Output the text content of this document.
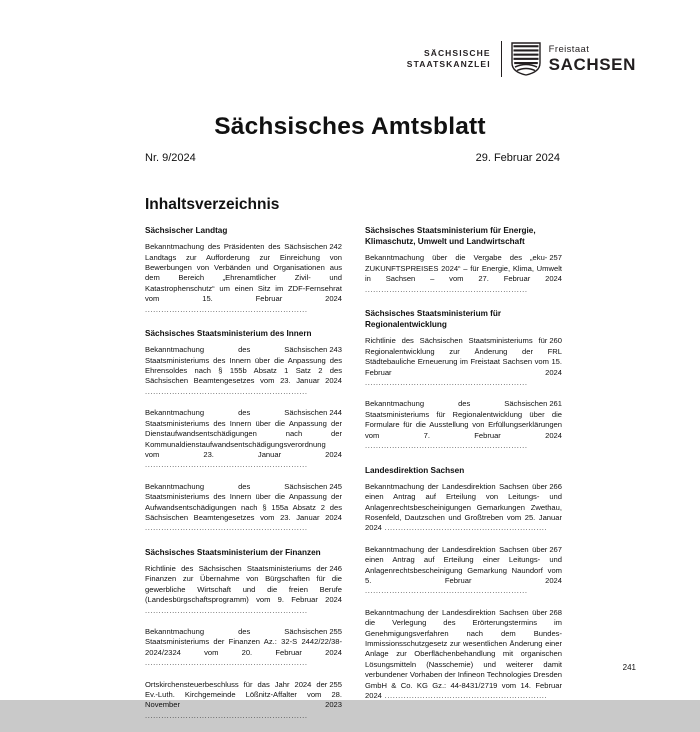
SÄCHSISCHE
STAATSKANZLEI
Freistaat
SACHSEN
Sächsisches Amtsblatt
Nr. 9/2024	29. Februar 2024
Inhaltsverzeichnis
Sächsischer Landtag
242
Bekanntmachung des Präsidenten des Sächsischen Landtags zur Aufforderung zur Einreichung von Bewerbungen von Verbänden und Organisationen aus dem Bereich „Ehrenamtlicher Zivil- und Katastrophenschutz“ um einen Sitz im ZDF-Fernsehrat vom 15. Februar 2024 ............................................................
Sächsisches Staatsministerium des Innern
243
Bekanntmachung des Sächsischen Staatsministeriums des Innern über die Anpassung des Ehrensoldes nach § 155b Absatz 1 Satz 2 des Sächsischen Beamtengesetzes vom 23. Januar 2024 ............................................................
244
Bekanntmachung des Sächsischen Staatsministeriums des Innern über die Anpassung der Dienstaufwandsentschädigungen nach der Kommunaldienstaufwandsentschädigungsverordnung vom 23. Januar 2024 ............................................................
245
Bekanntmachung des Sächsischen Staatsministeriums des Innern über die Anpassung der Aufwandsentschädigungen nach § 155a Absatz 2 des Sächsischen Beamtengesetzes vom 23. Januar 2024 ............................................................
Sächsisches Staatsministerium der Finanzen
246
Richtlinie des Sächsischen Staatsministeriums der Finanzen zur Übernahme von Bürgschaften für die gewerbliche Wirtschaft und die freien Berufe (Landesbürgschaftsprogramm) vom 9. Februar 2024 ............................................................
255
Bekanntmachung des Sächsischen Staatsministeriums der Finanzen Az.: 32-S 2442/22/38-2024/2324 vom 20. Februar 2024 ............................................................
255
Ortskirchensteuerbeschluss für das Jahr 2024 der Ev.-Luth. Kirchgemeinde Lößnitz-Affalter vom 28. November 2023 ............................................................
Sächsisches Staatsministerium für Energie, Klimaschutz, Umwelt und Landwirtschaft
257
Bekanntmachung über die Vergabe des „eku-ZUKUNFTSPREISES 2024“ – für Energie, Klima, Umwelt in Sachsen – vom 27. Februar 2024 ............................................................
Sächsisches Staatsministerium für Regionalentwicklung
260
Richtlinie des Sächsischen Staatsministeriums für Regionalentwicklung zur Änderung der FRL Städtebauliche Erneuerung im Freistaat Sachsen vom 15. Februar 2024 ............................................................
261
Bekanntmachung des Sächsischen Staatsministeriums für Regionalentwicklung über die Formulare für die Ausstellung von Erfüllungserklärungen vom 7. Februar 2024 ............................................................
Landesdirektion Sachsen
266
Bekanntmachung der Landesdirektion Sachsen über einen Antrag auf Erteilung von Leitungs- und Anlagenrechtsbescheinigungen Gemarkungen Zwethau, Rosenfeld, Dautzschen und Großtreben vom 25. Januar 2024 ............................................................
267
Bekanntmachung der Landesdirektion Sachsen über einen Antrag auf Erteilung einer Leitungs- und Anlagenrechtsbescheinigung Gemarkung Naundorf vom 5. Februar 2024 ............................................................
268
Bekanntmachung der Landesdirektion Sachsen über die Verlegung des Erörterungstermins im Genehmigungsverfahren nach dem Bundes-Immissionsschutzgesetz zur wesentlichen Änderung einer Anlage zur Oberflächenbehandlung mit organischen Lösungsmitteln (Nasschemie) und weiterer damit verbundener Vorhaben der Infineon Technologies Dresden GmbH & Co. KG Gz.: 44-8431/2719 vom 14. Februar 2024 ............................................................
241
